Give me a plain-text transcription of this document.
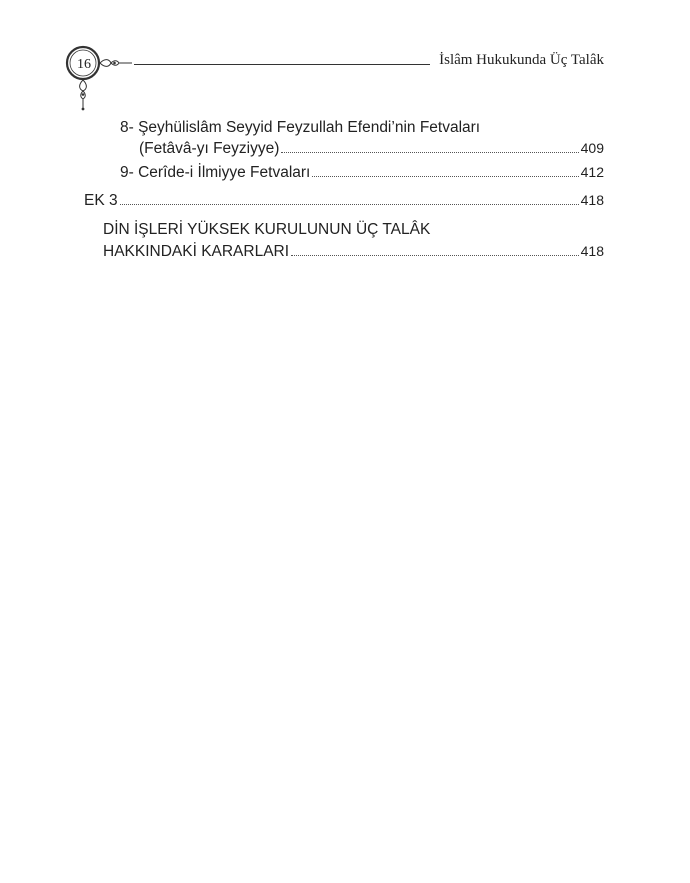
16	İslâm Hukukunda Üç Talâk
8- Şeyhülislâm Seyyid Feyzullah Efendi’nin Fetvaları
(Fetâvâ-yı Feyziyye)	409
9- Cerîde-i İlmiyye Fetvaları	412
EK 3	418
DİN İŞLERİ YÜKSEK KURULUNUN ÜÇ TALÂK
HAKKINDAKİ KARARLARI	418
